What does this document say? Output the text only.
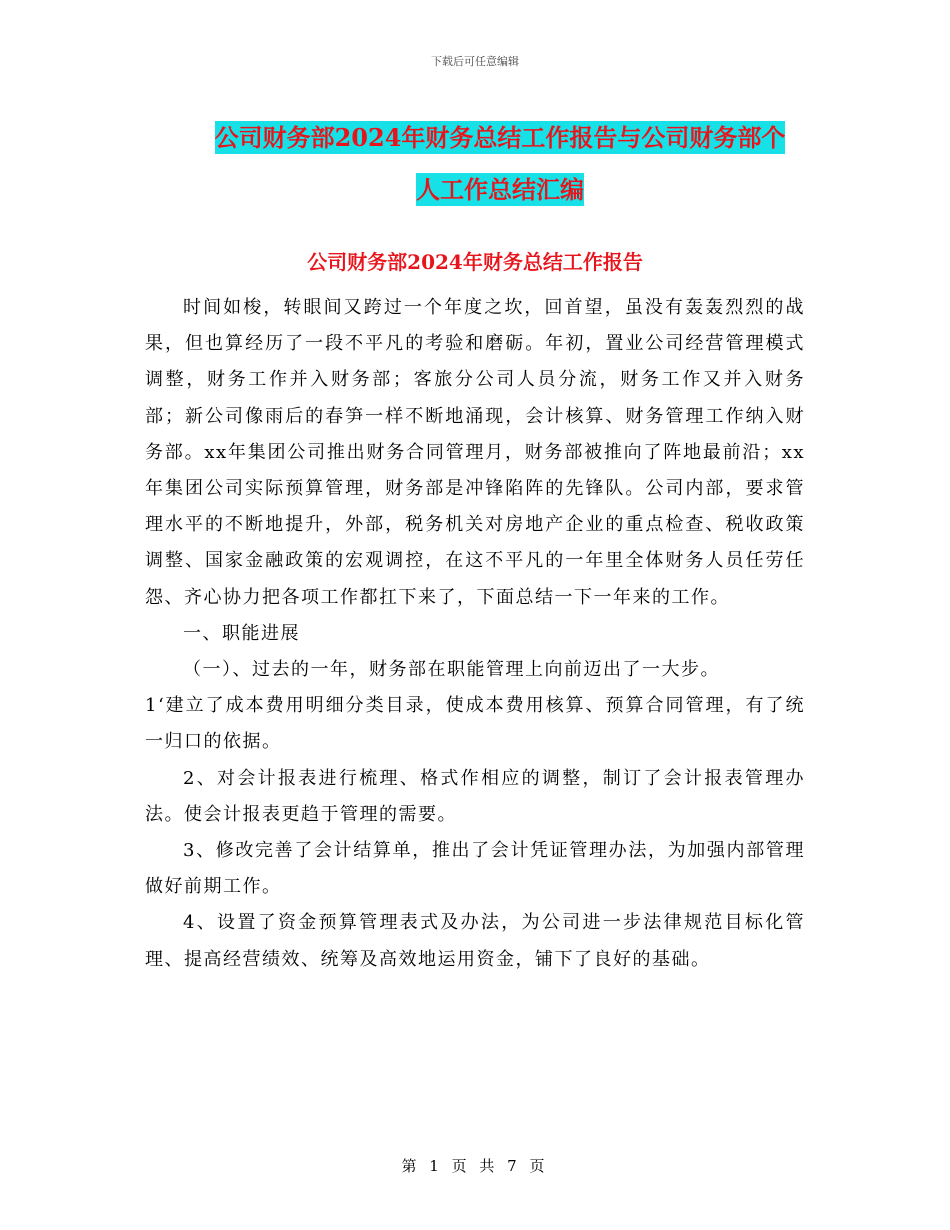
下载后可任意编辑
公司财务部2024年财务总结工作报告与公司财务部个
人工作总结汇编
公司财务部2024年财务总结工作报告

时间如梭，转眼间又跨过一个年度之坎，回首望，虽没有轰轰烈烈的战果，但也算经历了一段不平凡的考验和磨砺。年初，置业公司经营管理模式调整，财务工作并入财务部；客旅分公司人员分流，财务工作又并入财务部；新公司像雨后的春笋一样不断地涌现，会计核算、财务管理工作纳入财务部。xx年集团公司推出财务合同管理月，财务部被推向了阵地最前沿；xx年集团公司实际预算管理，财务部是冲锋陷阵的先锋队。公司内部，要求管理水平的不断地提升，外部，税务机关对房地产企业的重点检查、税收政策调整、国家金融政策的宏观调控，在这不平凡的一年里全体财务人员任劳任怨、齐心协力把各项工作都扛下来了，下面总结一下一年来的工作。

一、职能进展

（一）、过去的一年，财务部在职能管理上向前迈出了一大步。

1‘建立了成本费用明细分类目录，使成本费用核算、预算合同管理，有了统一归口的依据。

2、对会计报表进行梳理、格式作相应的调整，制订了会计报表管理办法。使会计报表更趋于管理的需要。

3、修改完善了会计结算单，推出了会计凭证管理办法，为加强内部管理做好前期工作。

4、设置了资金预算管理表式及办法，为公司进一步法律规范目标化管理、提高经营绩效、统筹及高效地运用资金，铺下了良好的基础。

第 1 页 共 7 页
